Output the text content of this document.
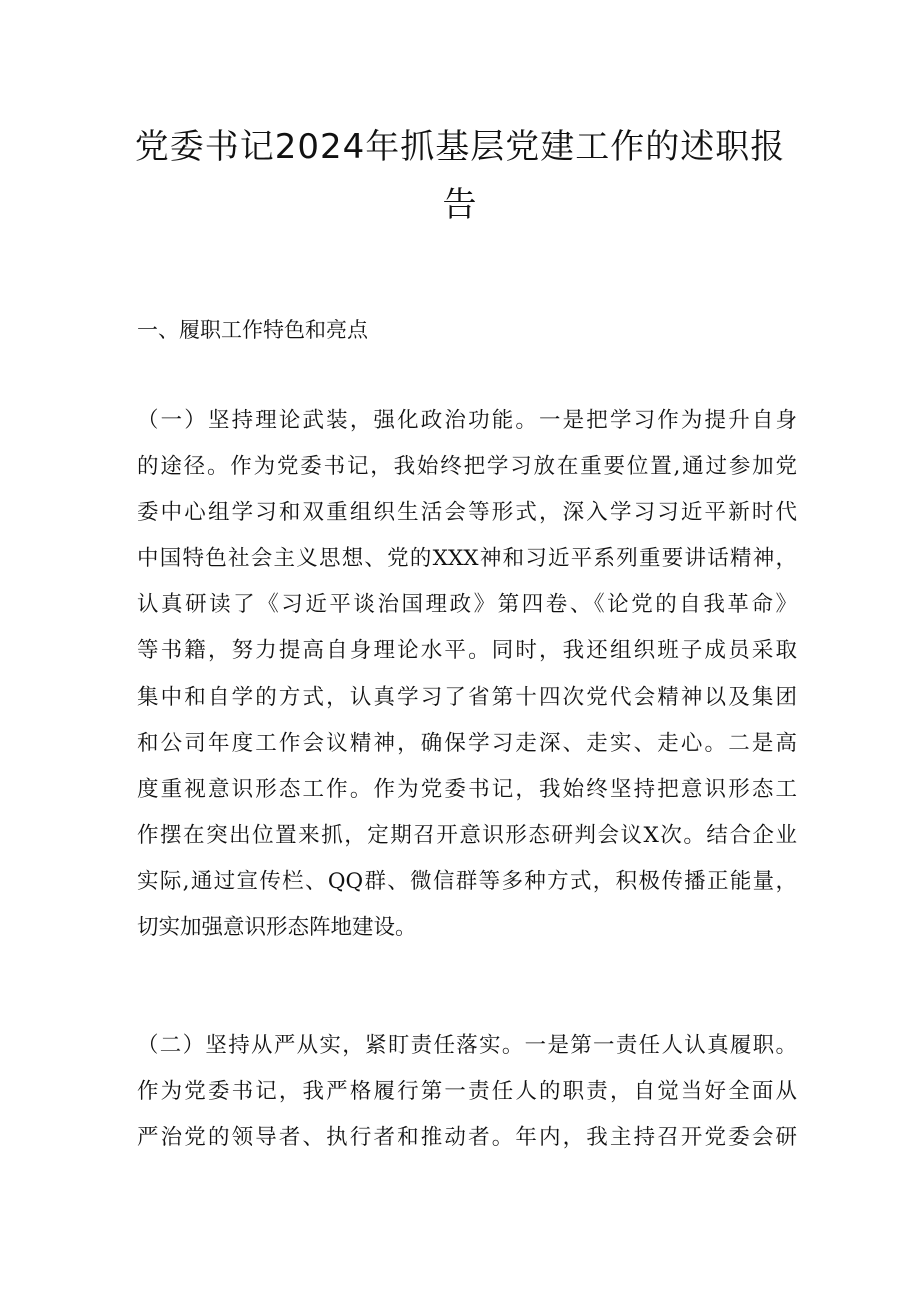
党委书记2024年抓基层党建工作的述职报
告
一、履职工作特色和亮点
（一）坚持理论武装，强化政治功能。一是把学习作为提升自身
的途径。作为党委书记，我始终把学习放在重要位置,通过参加党
委中心组学习和双重组织生活会等形式，深入学习习近平新时代
中国特色社会主义思想、党的XXX神和习近平系列重要讲话精神，
认真研读了《习近平谈治国理政》第四卷、《论党的自我革命》
等书籍，努力提高自身理论水平。同时，我还组织班子成员采取
集中和自学的方式，认真学习了省第十四次党代会精神以及集团
和公司年度工作会议精神，确保学习走深、走实、走心。二是高
度重视意识形态工作。作为党委书记，我始终坚持把意识形态工
作摆在突出位置来抓，定期召开意识形态研判会议X次。结合企业
实际,通过宣传栏、QQ群、微信群等多种方式，积极传播正能量，
切实加强意识形态阵地建设。
（二）坚持从严从实，紧盯责任落实。一是第一责任人认真履职。
作为党委书记，我严格履行第一责任人的职责，自觉当好全面从
严治党的领导者、执行者和推动者。年内，我主持召开党委会研
